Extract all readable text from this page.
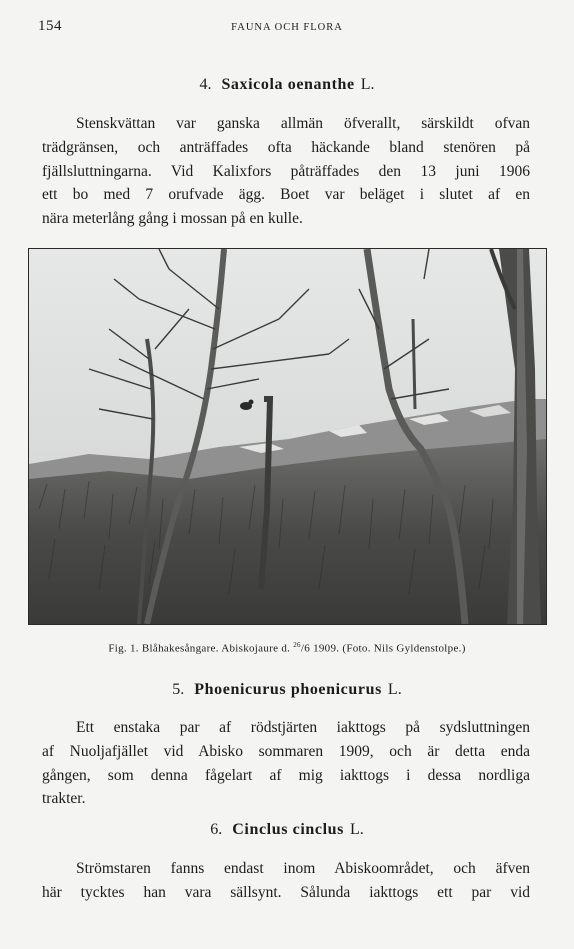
154	FAUNA OCH FLORA
4. Saxicola oenanthe L.
Stenskvättan var ganska allmän öfverallt, särskildt ofvan
trädgränsen, och anträffades ofta häckande bland stenören på
fjällsluttningarna. Vid Kalixfors påträffades den 13 juni 1906
ett bo med 7 orufvade ägg. Boet var beläget i slutet af en
nära meterlång gång i mossan på en kulle.
Fig. 1. Blåhakesångare. Abiskojaure d. $^{26}$/6 1909. (Foto. Nils Gyldenstolpe.)
5. Phoenicurus phoenicurus L.
Ett enstaka par af rödstjärten iakttogs på sydsluttningen
af Nuoljafjället vid Abisko sommaren 1909, och är detta enda
gången, som denna fågelart af mig iakttogs i dessa nordliga
trakter.
6. Cinclus cinclus L.
Strömstaren fanns endast inom Abiskoområdet, och äfven
här tycktes han vara sällsynt. Sålunda iakttogs ett par vid
